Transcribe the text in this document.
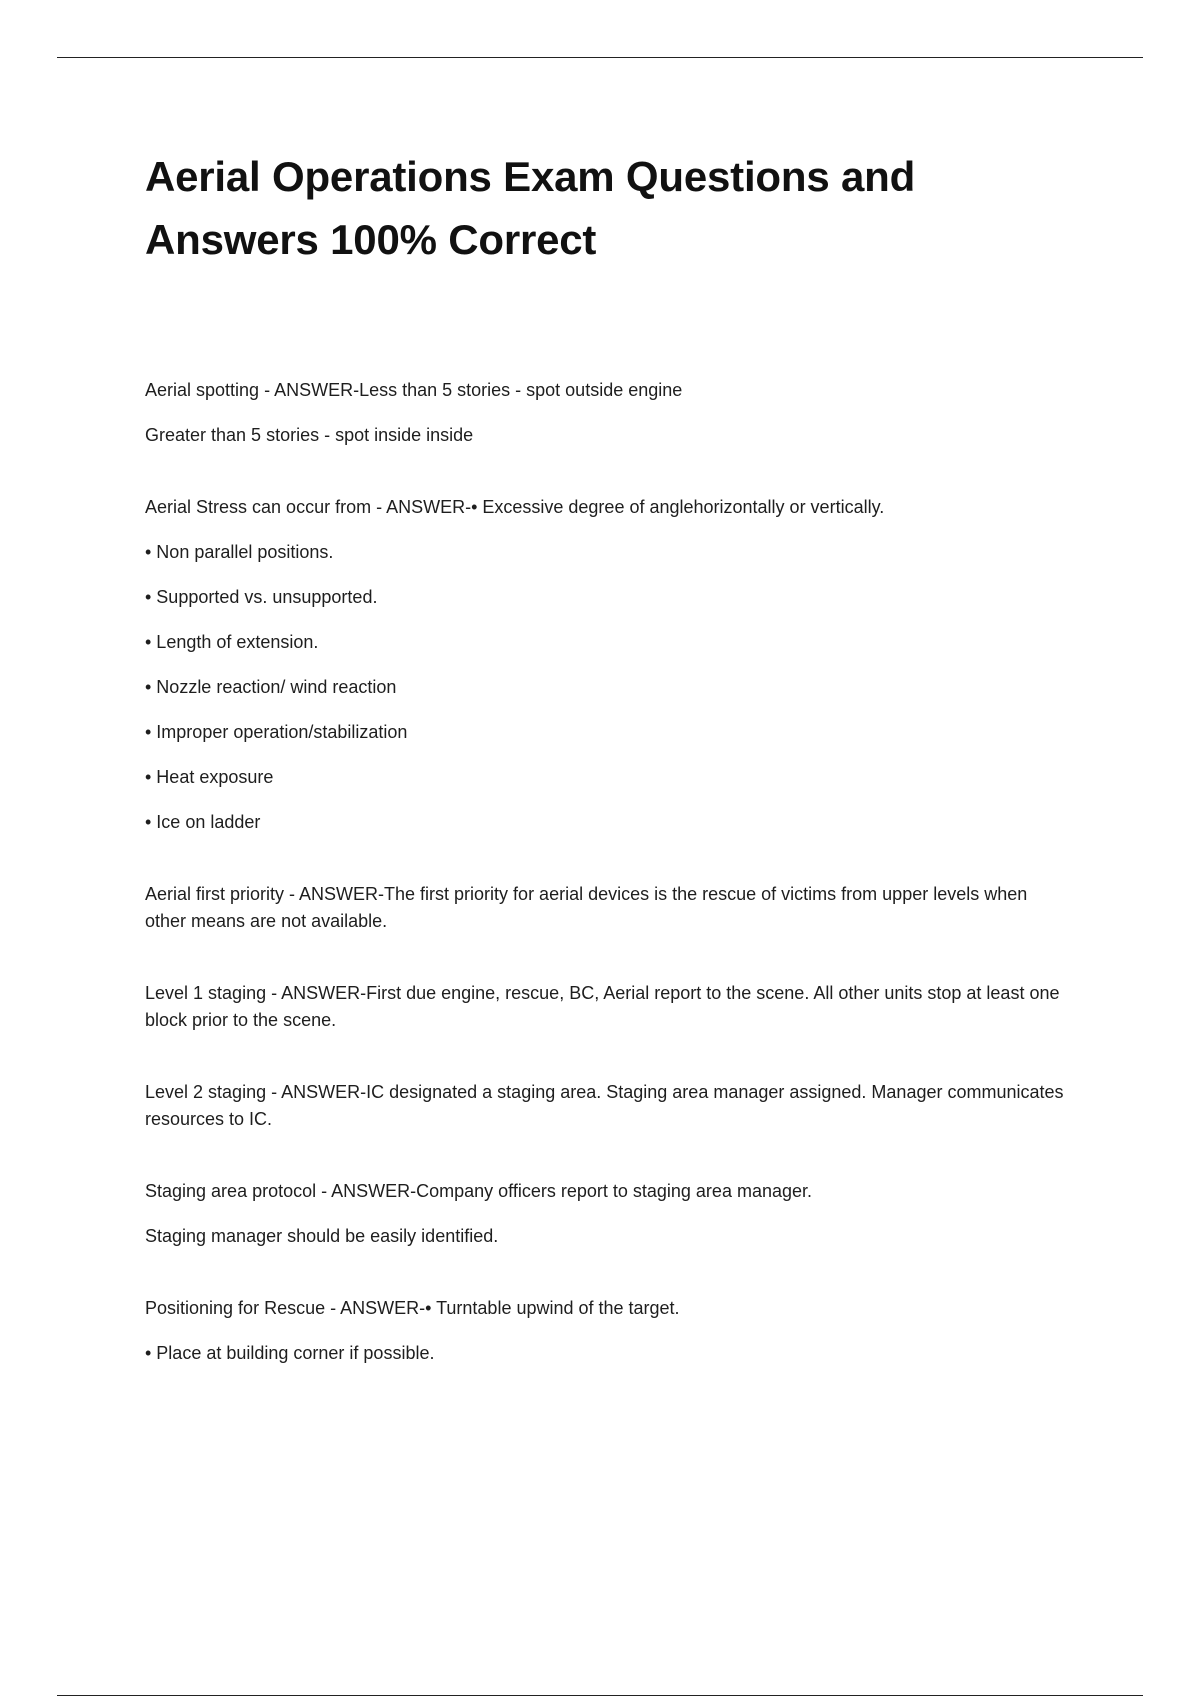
Aerial Operations Exam Questions and
Answers 100% Correct

Aerial spotting - ANSWER-Less than 5 stories - spot outside engine

Greater than 5 stories - spot inside inside

Aerial Stress can occur from - ANSWER-• Excessive degree of anglehorizontally or vertically.

• Non parallel positions.

• Supported vs. unsupported.

• Length of extension.

• Nozzle reaction/ wind reaction

• Improper operation/stabilization

• Heat exposure

• Ice on ladder

Aerial first priority - ANSWER-The first priority for aerial devices is the rescue of victims from upper levels when other means are not available.

Level 1 staging - ANSWER-First due engine, rescue, BC, Aerial report to the scene. All other units stop at least one block prior to the scene.

Level 2 staging - ANSWER-IC designated a staging area. Staging area manager assigned. Manager communicates resources to IC.

Staging area protocol - ANSWER-Company officers report to staging area manager.

Staging manager should be easily identified.

Positioning for Rescue - ANSWER-• Turntable upwind of the target.

• Place at building corner if possible.
